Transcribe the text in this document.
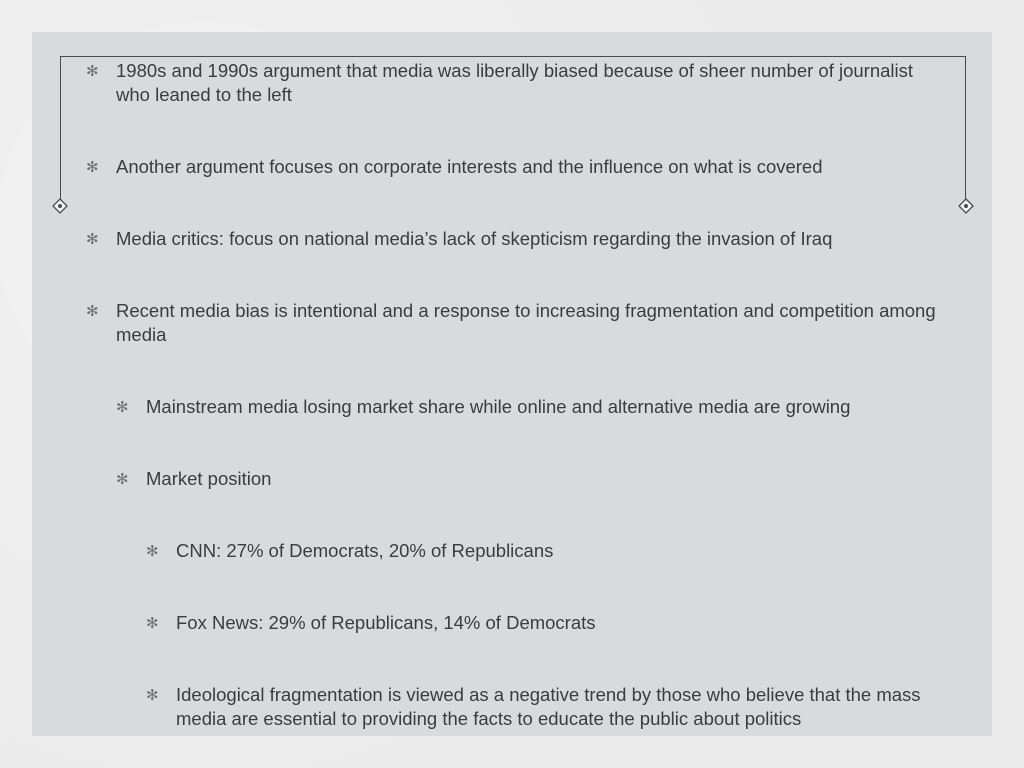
✻ 1980s and 1990s argument that media was liberally biased because of sheer number of journalist who leaned to the left
✻ Another argument focuses on corporate interests and the influence on what is covered
✻ Media critics: focus on national media’s lack of skepticism regarding the invasion of Iraq
✻ Recent media bias is intentional and a response to increasing fragmentation and competition among media
✻ Mainstream media losing market share while online and alternative media are growing
✻ Market position
✻ CNN: 27% of Democrats, 20% of Republicans
✻ Fox News: 29% of Republicans, 14% of Democrats
✻ Ideological fragmentation is viewed as a negative trend by those who believe that the mass media are essential to providing the facts to educate the public about politics
